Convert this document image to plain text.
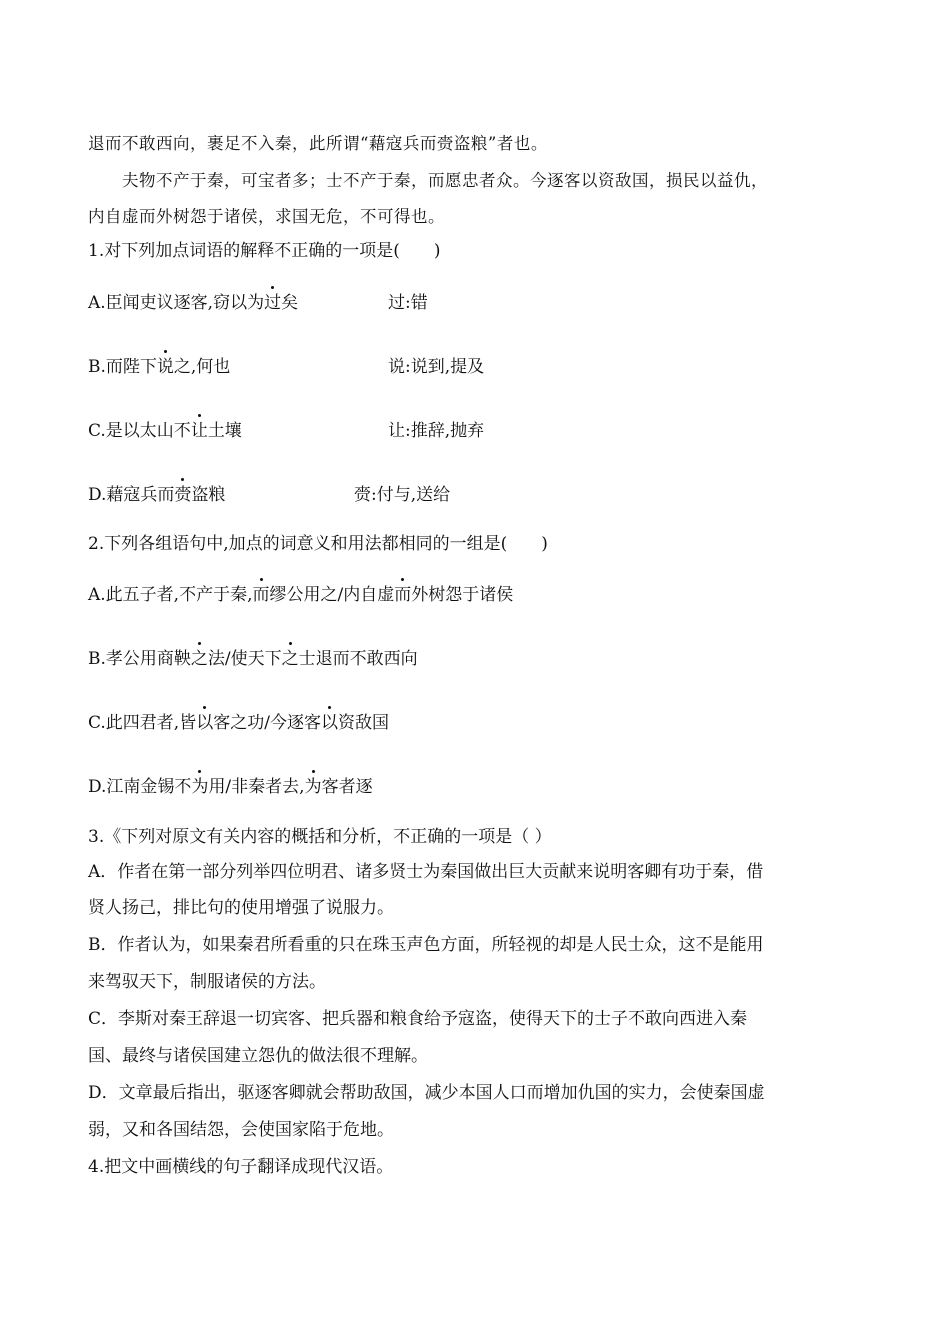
退而不敢西向，裹足不入秦，此所谓“藉寇兵而赍盗粮”者也。
夫物不产于秦，可宝者多；士不产于秦，而愿忠者众。今逐客以资敌国，损民以益仇，
内自虚而外树怨于诸侯，求国无危，不可得也。
1.对下列加点词语的解释不正确的一项是( )
A.臣闻吏议逐客,窃以为过矣	过:错
B.而陛下说之,何也	说:说到,提及
C.是以太山不让土壤	让:推辞,抛弃
D.藉寇兵而赍盗粮	赍:付与,送给
2.下列各组语句中,加点的词意义和用法都相同的一组是( )
A.此五子者,不产于秦,而缪公用之/内自虚而外树怨于诸侯
B.孝公用商鞅之法/使天下之士退而不敢西向
C.此四君者,皆以客之功/今逐客以资敌国
D.江南金锡不为用/非秦者去,为客者逐
3.《下列对原文有关内容的概括和分析，不正确的一项是（ ）
A．作者在第一部分列举四位明君、诸多贤士为秦国做出巨大贡献来说明客卿有功于秦，借
贤人扬己，排比句的使用增强了说服力。
B．作者认为，如果秦君所看重的只在珠玉声色方面，所轻视的却是人民士众，这不是能用
来驾驭天下，制服诸侯的方法。
C．李斯对秦王辞退一切宾客、把兵器和粮食给予寇盗，使得天下的士子不敢向西进入秦
国、最终与诸侯国建立怨仇的做法很不理解。
D．文章最后指出，驱逐客卿就会帮助敌国，减少本国人口而增加仇国的实力，会使秦国虚
弱，又和各国结怨，会使国家陷于危地。
4.把文中画横线的句子翻译成现代汉语。
